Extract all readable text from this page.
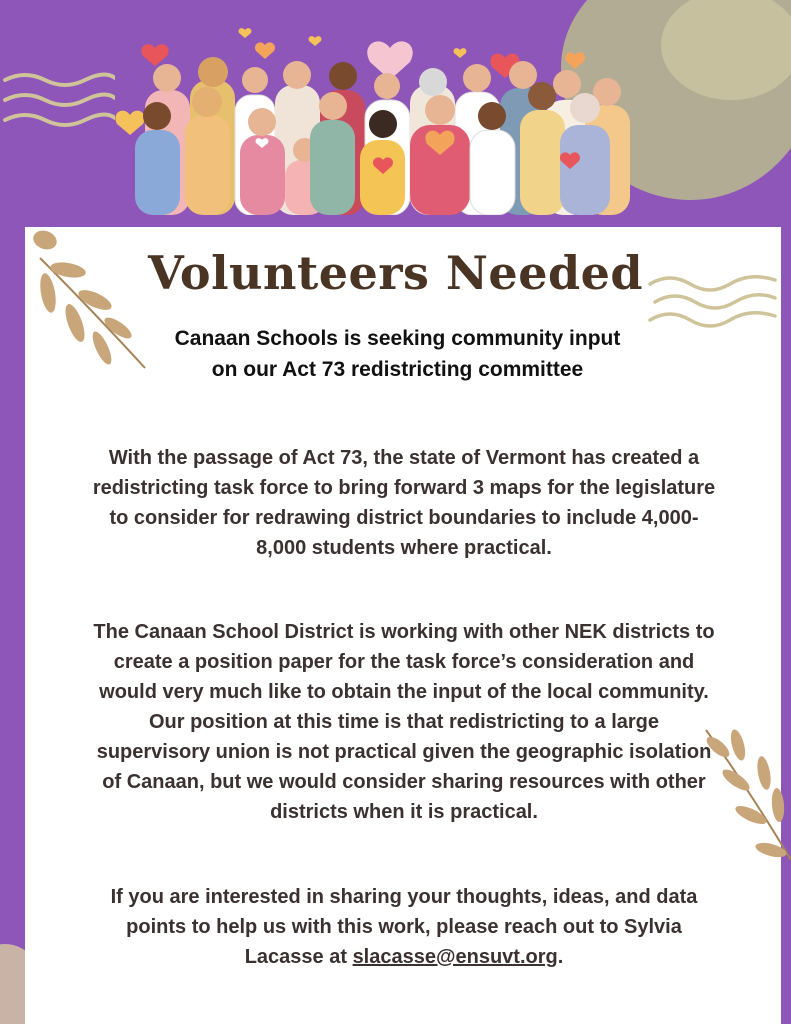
Volunteers Needed
Canaan Schools is seeking community input on our Act 73 redistricting committee
With the passage of Act 73, the state of Vermont has created a redistricting task force to bring forward 3 maps for the legislature to consider for redrawing district boundaries to include 4,000-8,000 students where practical.
The Canaan School District is working with other NEK districts to create a position paper for the task force’s consideration and would very much like to obtain the input of the local community. Our position at this time is that redistricting to a large supervisory union is not practical given the geographic isolation of Canaan, but we would consider sharing resources with other districts when it is practical.
If you are interested in sharing your thoughts, ideas, and data points to help us with this work, please reach out to Sylvia Lacasse at slacasse@ensuvt.org.
